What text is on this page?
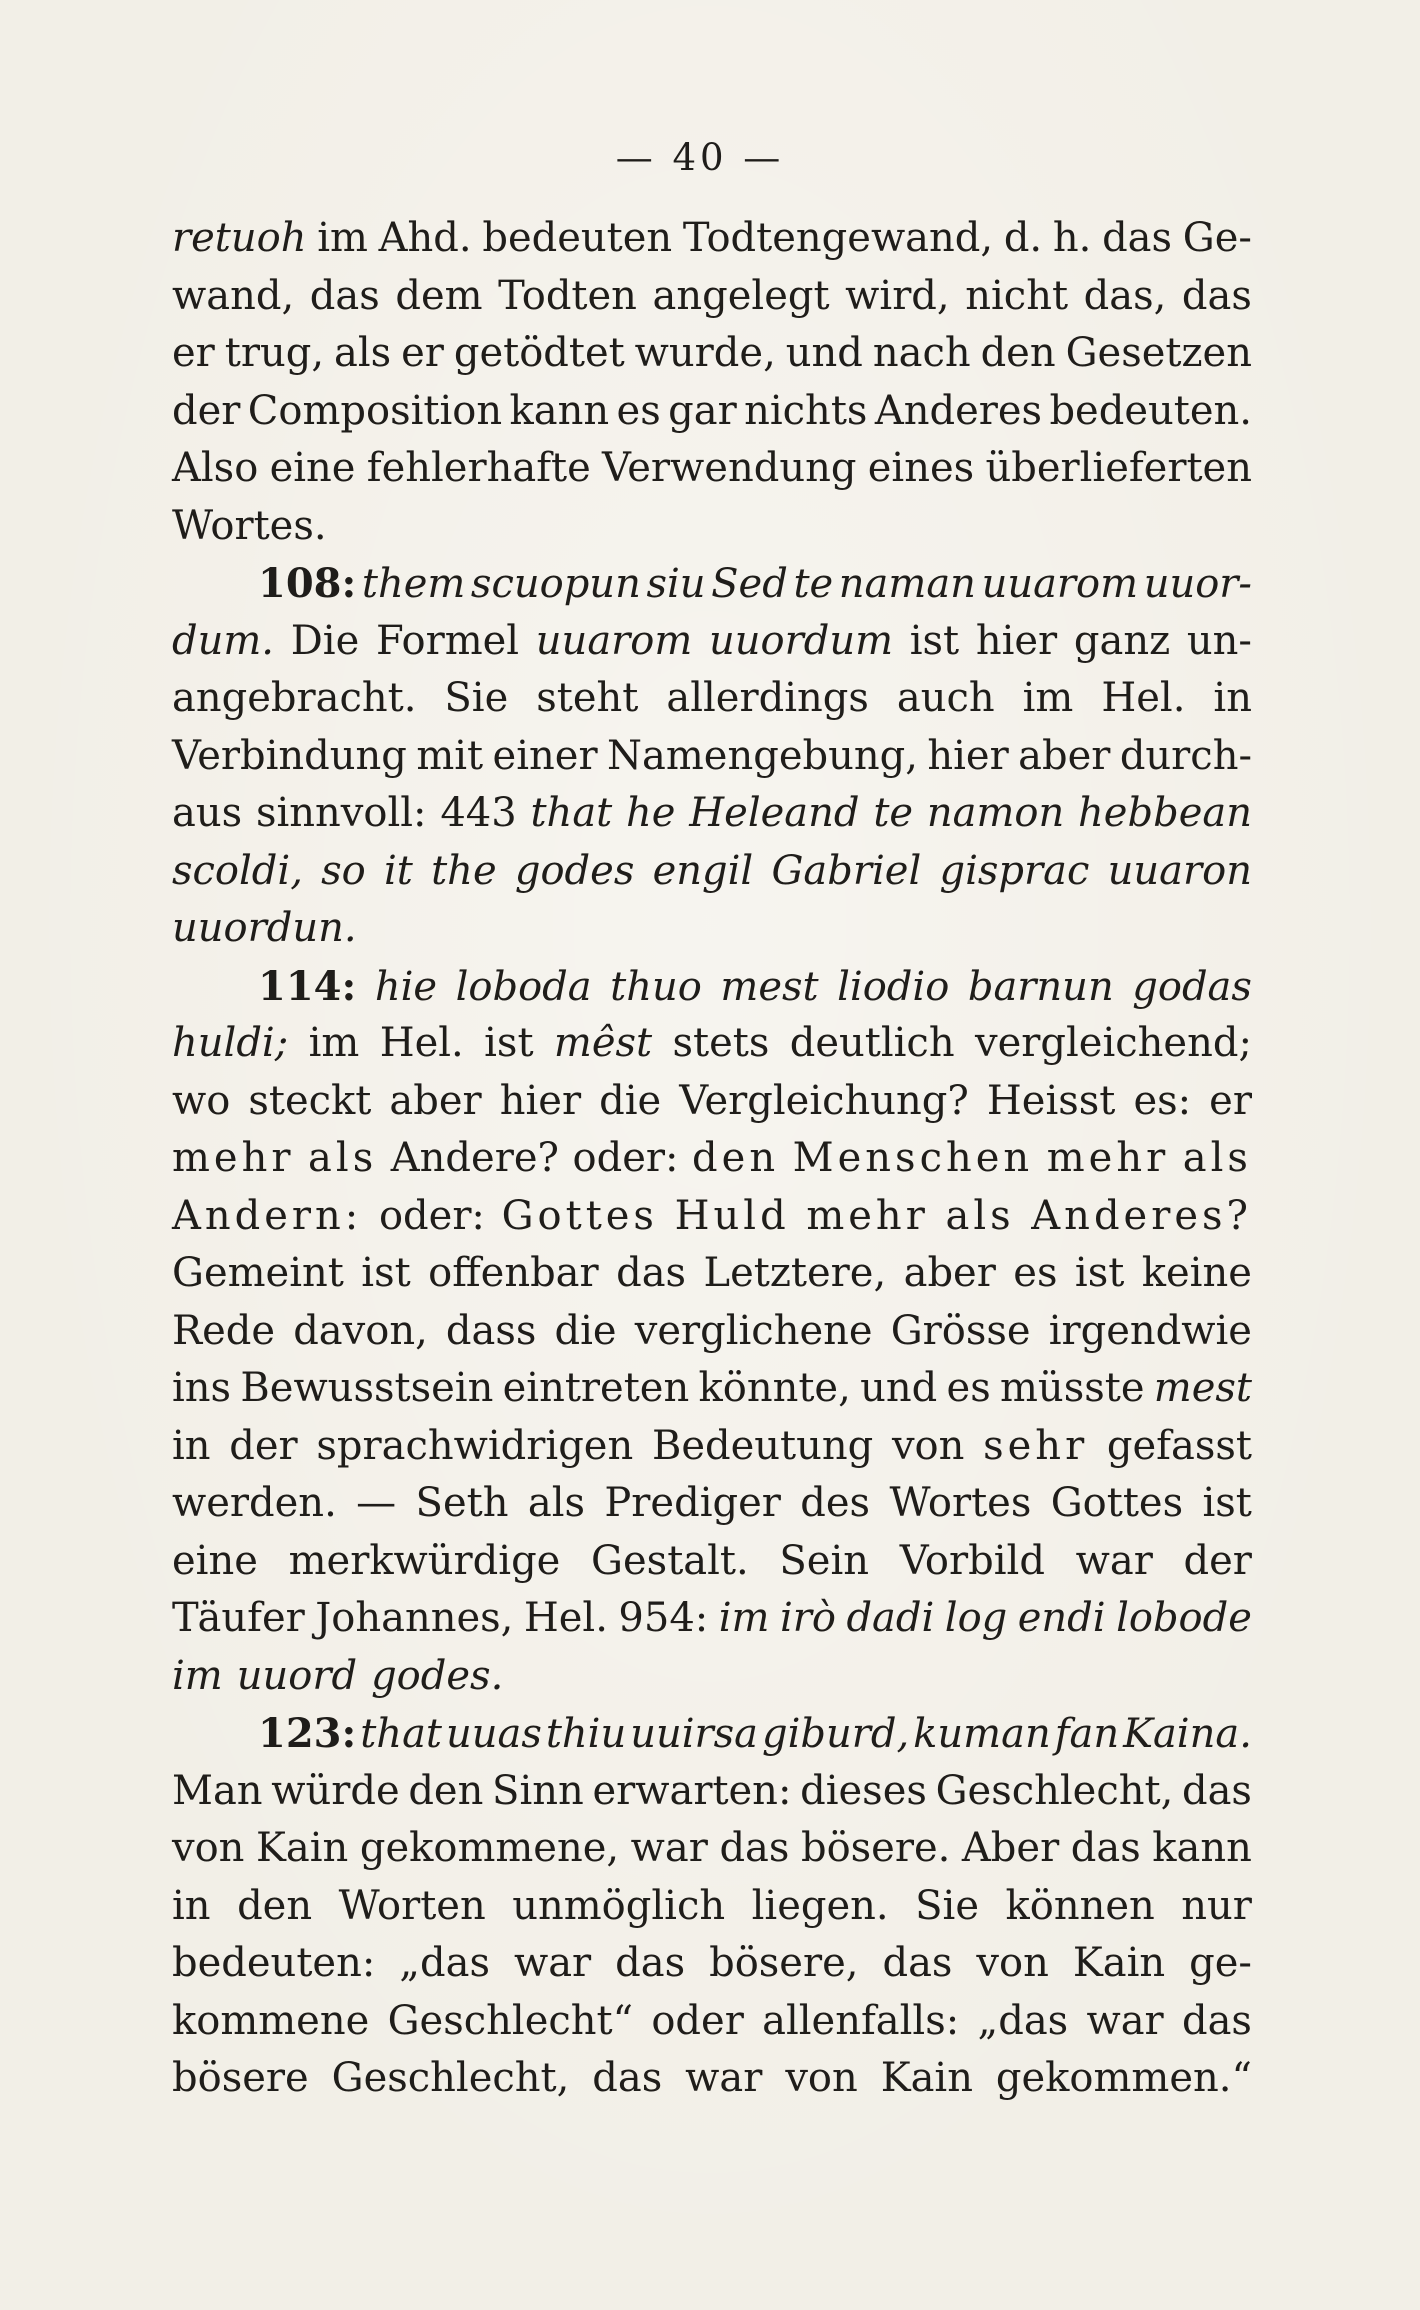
— 40 —
retuoh im Ahd. bedeuten Todtengewand, d. h. das Ge-
wand, das dem Todten angelegt wird, nicht das, das
er trug, als er getödtet wurde, und nach den Gesetzen
der Composition kann es gar nichts Anderes bedeuten.
Also eine fehlerhafte Verwendung eines überlieferten
Wortes.
108: them scuopun siu Sed te naman uuarom uuor-
dum. Die Formel uuarom uuordum ist hier ganz un-
angebracht. Sie steht allerdings auch im Hel. in
Verbindung mit einer Namengebung, hier aber durch-
aus sinnvoll: 443 that he Heleand te namon hebbean
scoldi, so it the godes engil Gabriel gisprac uuaron
uuordun.
114: hie loboda thuo mest liodio barnun godas
huldi; im Hel. ist mêst stets deutlich vergleichend;
wo steckt aber hier die Vergleichung? Heisst es: er
mehr als Andere? oder: den Menschen mehr als
Andern: oder: Gottes Huld mehr als Anderes?
Gemeint ist offenbar das Letztere, aber es ist keine
Rede davon, dass die verglichene Grösse irgendwie
ins Bewusstsein eintreten könnte, und es müsste mest
in der sprachwidrigen Bedeutung von sehr gefasst
werden. — Seth als Prediger des Wortes Gottes ist
eine merkwürdige Gestalt. Sein Vorbild war der
Täufer Johannes, Hel. 954: im irò dadi log endi lobode
im uuord godes.
123: that uuas thiu uuirsa giburd, kuman fan Kaina.
Man würde den Sinn erwarten: dieses Geschlecht, das
von Kain gekommene, war das bösere. Aber das kann
in den Worten unmöglich liegen. Sie können nur
bedeuten: „das war das bösere, das von Kain ge-
kommene Geschlecht“ oder allenfalls: „das war das
bösere Geschlecht, das war von Kain gekommen.“
